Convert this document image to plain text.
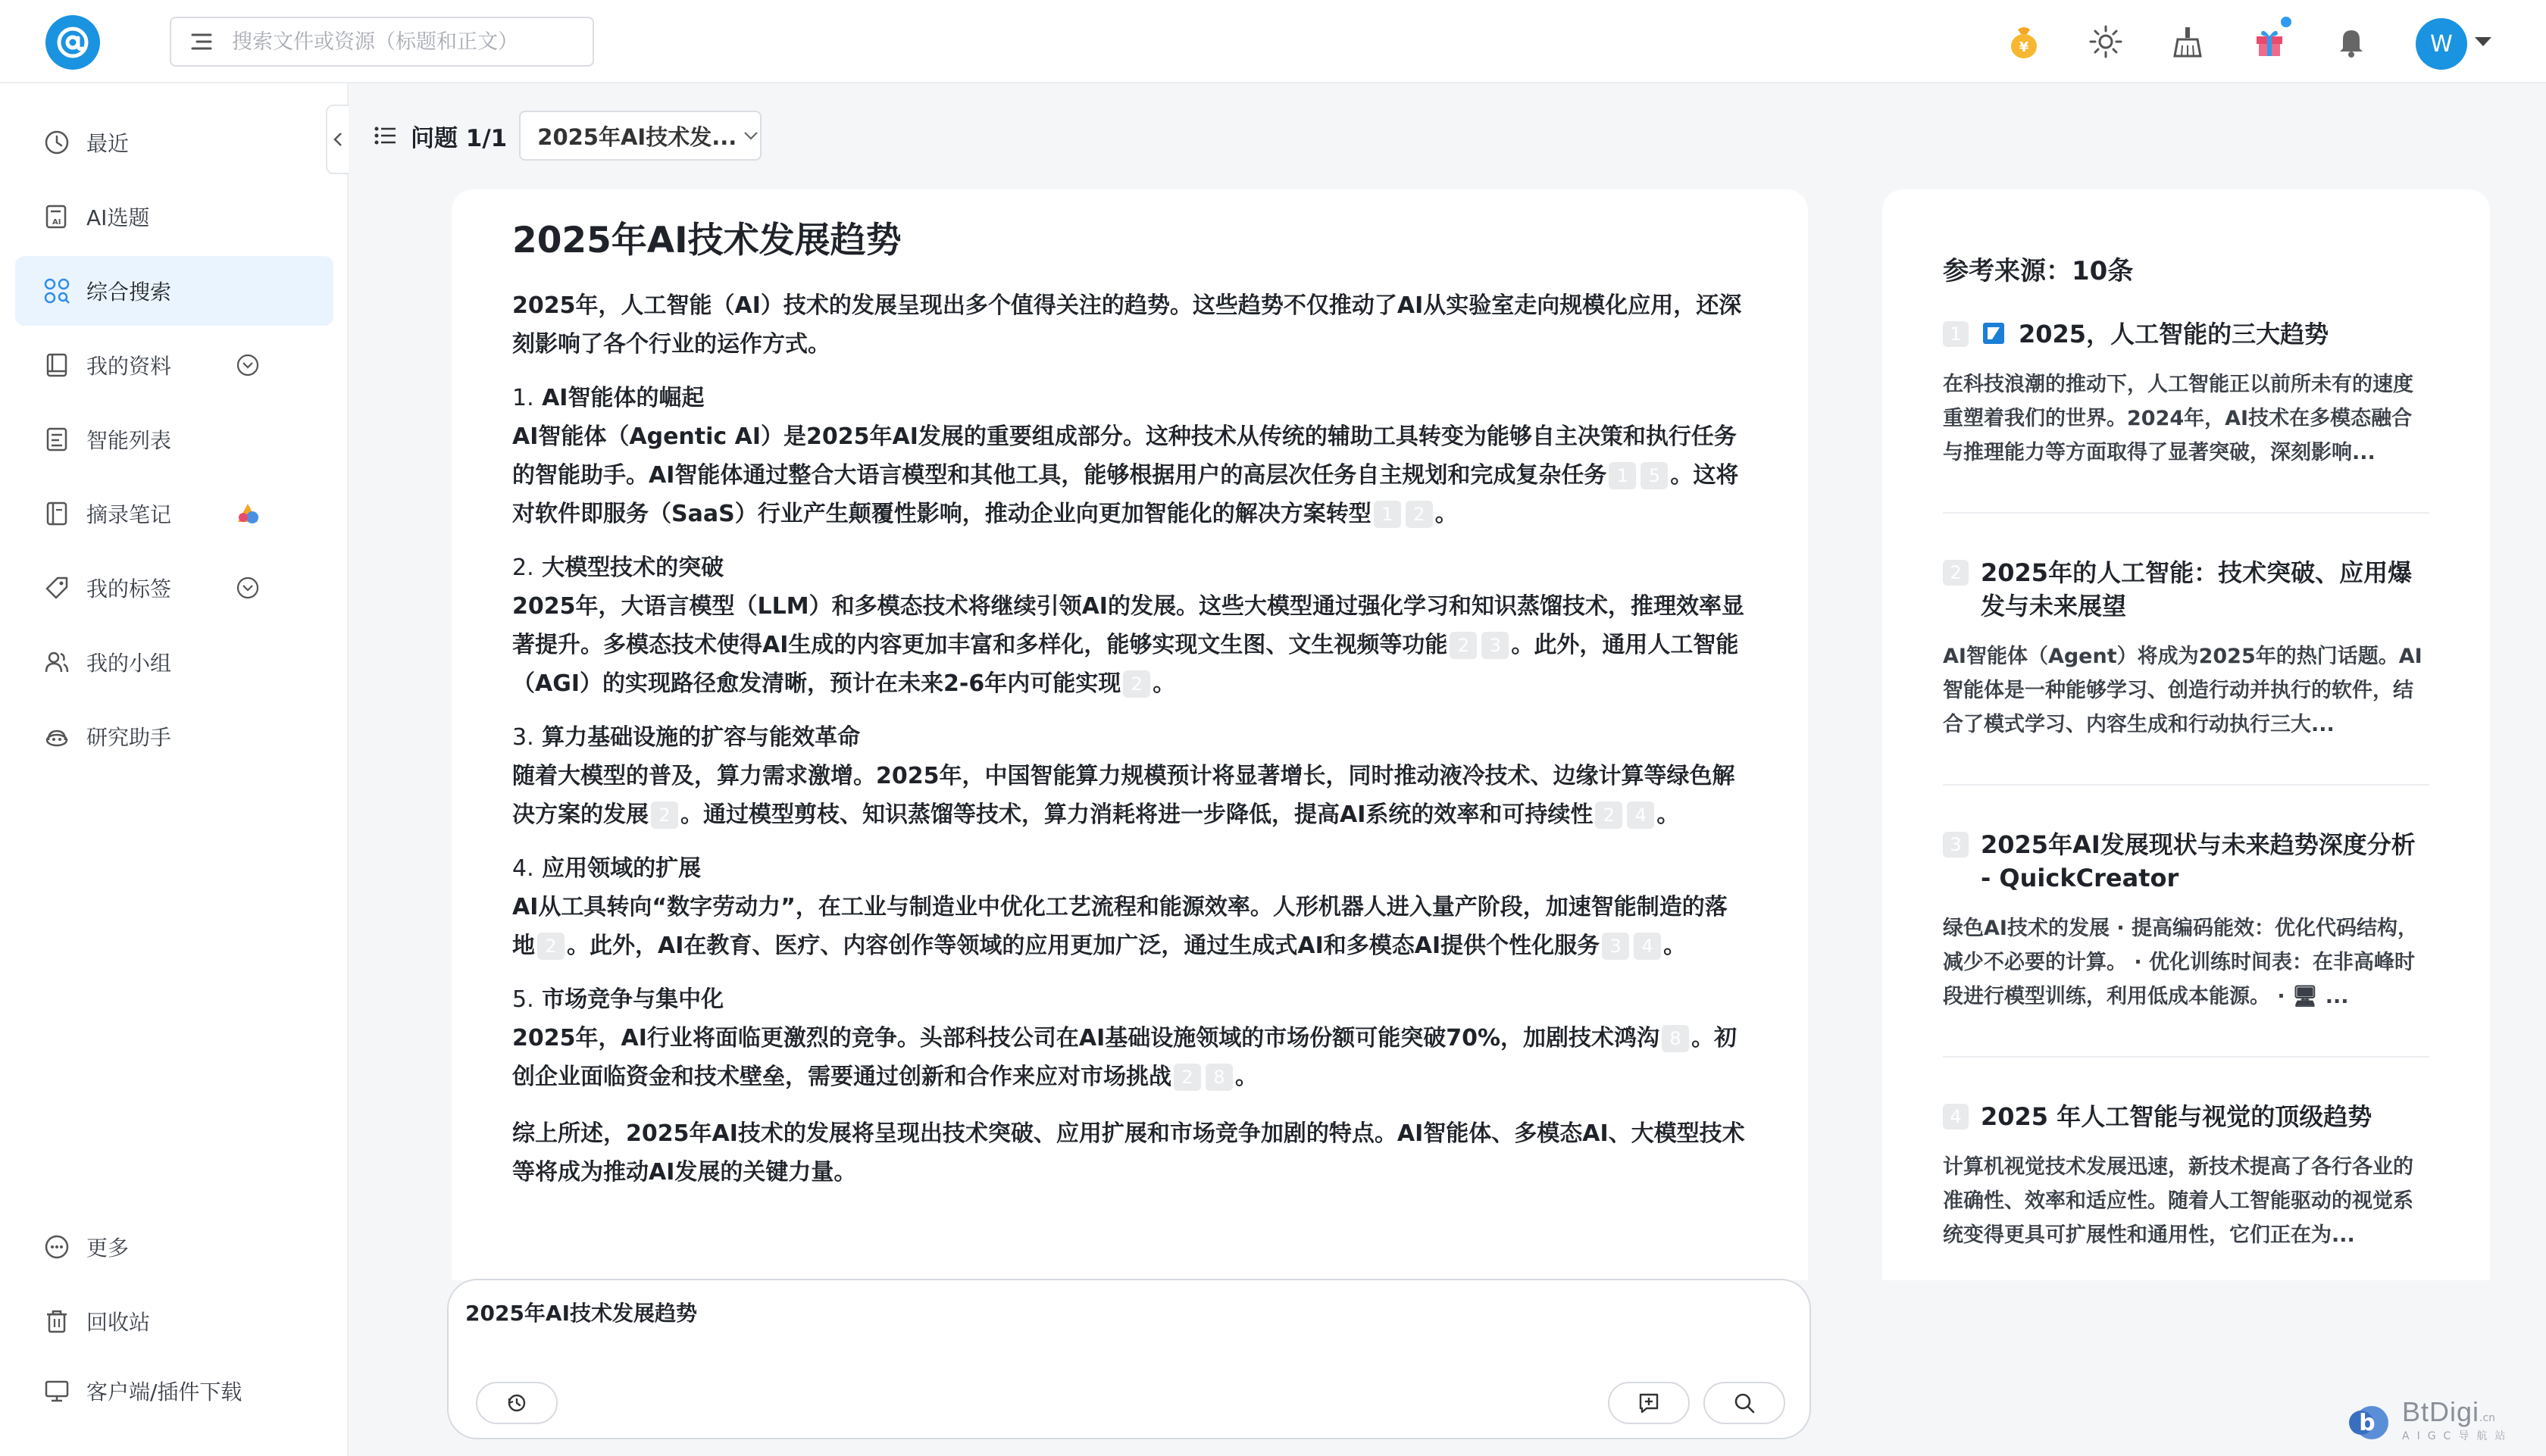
搜索文件或资源（标题和正文）
¥	W
最近
AI AI选题
综合搜索
我的资料
智能列表
摘录笔记
我的标签
我的小组
研究助手
更多
回收站
客户端/插件下载
问题 1/1 2025年AI技术发...
2025年AI技术发展趋势

2025年，人工智能（AI）技术的发展呈现出多个值得关注的趋势。这些趋势不仅推动了AI从实验室走向规模化应用，还深刻影响了各个行业的运作方式。

1. AI智能体的崛起

AI智能体（Agentic AI）是2025年AI发展的重要组成部分。这种技术从传统的辅助工具转变为能够自主决策和执行任务的智能助手。AI智能体通过整合大语言模型和其他工具，能够根据用户的高层次任务自主规划和完成复杂任务 1 5 。这将对软件即服务（SaaS）行业产生颠覆性影响，推动企业向更加智能化的解决方案转型 1 2 。

2. 大模型技术的突破

2025年，大语言模型（LLM）和多模态技术将继续引领AI的发展。这些大模型通过强化学习和知识蒸馏技术，推理效率显著提升。多模态技术使得AI生成的内容更加丰富和多样化，能够实现文生图、文生视频等功能 2 3 。此外，通用人工智能（AGI）的实现路径愈发清晰，预计在未来2-6年内可能实现 2 。

3. 算力基础设施的扩容与能效革命

随着大模型的普及，算力需求激增。2025年，中国智能算力规模预计将显著增长，同时推动液冷技术、边缘计算等绿色解决方案的发展 2 。通过模型剪枝、知识蒸馏等技术，算力消耗将进一步降低，提高AI系统的效率和可持续性 2 4 。

4. 应用领域的扩展

AI从工具转向“数字劳动力”，在工业与制造业中优化工艺流程和能源效率。人形机器人进入量产阶段，加速智能制造的落地 2 。此外，AI在教育、医疗、内容创作等领域的应用更加广泛，通过生成式AI和多模态AI提供个性化服务 3 4 。

5. 市场竞争与集中化

2025年，AI行业将面临更激烈的竞争。头部科技公司在AI基础设施领域的市场份额可能突破70%，加剧技术鸿沟 8 。初创企业面临资金和技术壁垒，需要通过创新和合作来应对市场挑战 2 8 。

综上所述，2025年AI技术的发展将呈现出技术突破、应用扩展和市场竞争加剧的特点。AI智能体、多模态AI、大模型技术等将成为推动AI发展的关键力量。

参考来源：10条
1 2025，人工智能的三大趋势
在科技浪潮的推动下，人工智能正以前所未有的速度重塑着我们的世界。2024年，AI技术在多模态融合与推理能力等方面取得了显著突破，深刻影响...
2 2025年的人工智能：技术突破、应用爆发与未来展望
AI智能体（Agent）将成为2025年的热门话题。AI智能体是一种能够学习、创造行动并执行的软件，结合了模式学习、内容生成和行动执行三大...
3 2025年AI发展现状与未来趋势深度分析 - QuickCreator
绿色AI技术的发展 · 提高编码能效：优化代码结构，减少不必要的计算。 · 优化训练时间表：在非高峰时段进行模型训练，利用低成本能源。 · 🖥 ...
4 2025 年人工智能与视觉的顶级趋势
计算机视觉技术发展迅速，新技术提高了各行各业的准确性、效率和适应性。随着人工智能驱动的视觉系统变得更具可扩展性和通用性，它们正在为...
2025年AI技术发展趋势
b BtDigi.cn
AIGC导航站
